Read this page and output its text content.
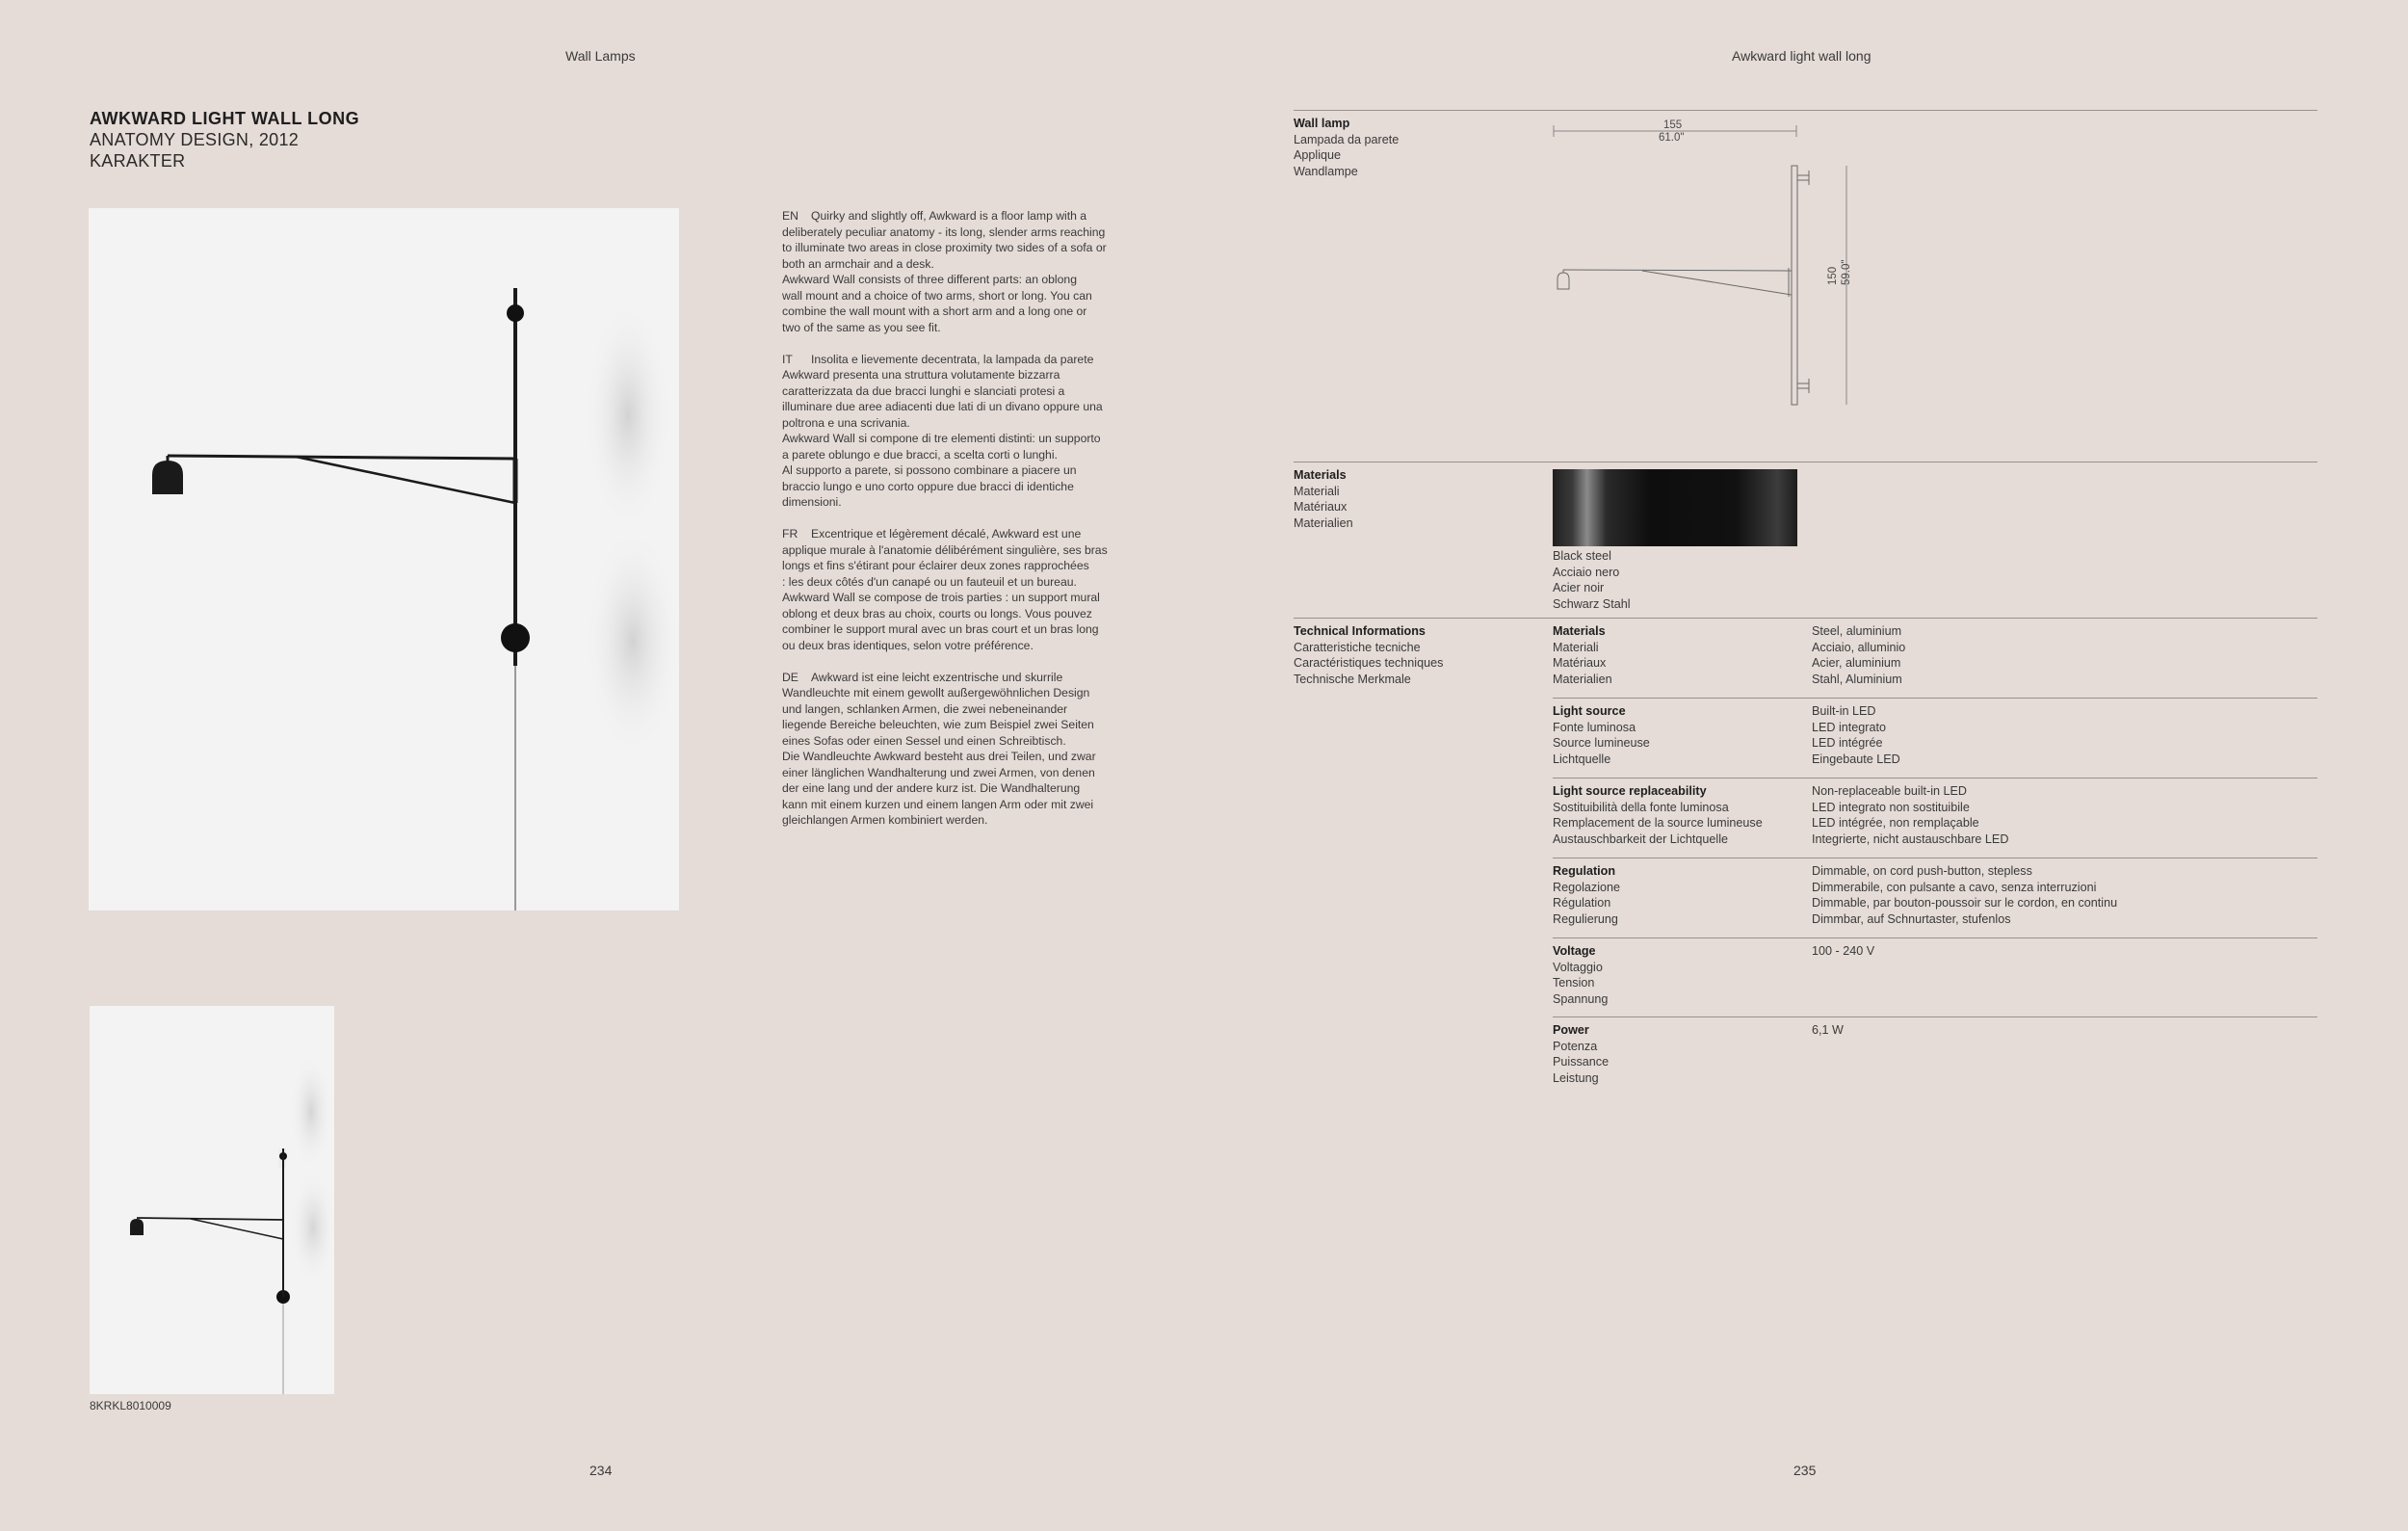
Wall Lamps	Awkward light wall long
AWKWARD LIGHT WALL LONG
ANATOMY DESIGN, 2012
KARAKTER

EN Quirky and slightly off, Awkward is a floor lamp with a
deliberately peculiar anatomy - its long, slender arms reaching
to illuminate two areas in close proximity two sides of a sofa or
both an armchair and a desk.
Awkward Wall consists of three different parts: an oblong
wall mount and a choice of two arms, short or long. You can
combine the wall mount with a short arm and a long one or
two of the same as you see fit.

IT Insolita e lievemente decentrata, la lampada da parete
Awkward presenta una struttura volutamente bizzarra
caratterizzata da due bracci lunghi e slanciati protesi a
illuminare due aree adiacenti due lati di un divano oppure una
poltrona e una scrivania.
Awkward Wall si compone di tre elementi distinti: un supporto
a parete oblungo e due bracci, a scelta corti o lunghi.
Al supporto a parete, si possono combinare a piacere un
braccio lungo e uno corto oppure due bracci di identiche
dimensioni.

FR Excentrique et légèrement décalé, Awkward est une
applique murale à l'anatomie délibérément singulière, ses bras
longs et fins s'étirant pour éclairer deux zones rapprochées
: les deux côtés d'un canapé ou un fauteuil et un bureau.
Awkward Wall se compose de trois parties : un support mural
oblong et deux bras au choix, courts ou longs. Vous pouvez
combiner le support mural avec un bras court et un bras long
ou deux bras identiques, selon votre préférence.

DE Awkward ist eine leicht exzentrische und skurrile
Wandleuchte mit einem gewollt außergewöhnlichen Design
und langen, schlanken Armen, die zwei nebeneinander
liegende Bereiche beleuchten, wie zum Beispiel zwei Seiten
eines Sofas oder einen Sessel und einen Schreibtisch.
Die Wandleuchte Awkward besteht aus drei Teilen, und zwar
einer länglichen Wandhalterung und zwei Armen, von denen
der eine lang und der andere kurz ist. Die Wandhalterung
kann mit einem kurzen und einem langen Arm oder mit zwei
gleichlangen Armen kombiniert werden.

8KRKL8010009
234	235
Wall lamp
Lampada da parete
Applique
Wandlampe
155
61.0"
150 59.0"
Materials
Materiali
Matériaux
Materialien
Black steel
Acciaio nero
Acier noir
Schwarz Stahl
Technical Informations
Caratteristiche tecniche
Caractéristiques techniques
Technische Merkmale
Materials
Materiali
Matériaux
Materialien
Steel, aluminium
Acciaio, alluminio
Acier, aluminium
Stahl, Aluminium
Light source
Fonte luminosa
Source lumineuse
Lichtquelle
Built-in LED
LED integrato
LED intégrée
Eingebaute LED
Light source replaceability
Sostituibilità della fonte luminosa
Remplacement de la source lumineuse
Austauschbarkeit der Lichtquelle
Non-replaceable built-in LED
LED integrato non sostituibile
LED intégrée, non remplaçable
Integrierte, nicht austauschbare LED
Regulation
Regolazione
Régulation
Regulierung
Dimmable, on cord push-button, stepless
Dimmerabile, con pulsante a cavo, senza interruzioni
Dimmable, par bouton-poussoir sur le cordon, en continu
Dimmbar, auf Schnurtaster, stufenlos
Voltage
Voltaggio
Tension
Spannung
100 - 240 V
Power
Potenza
Puissance
Leistung
6,1 W
